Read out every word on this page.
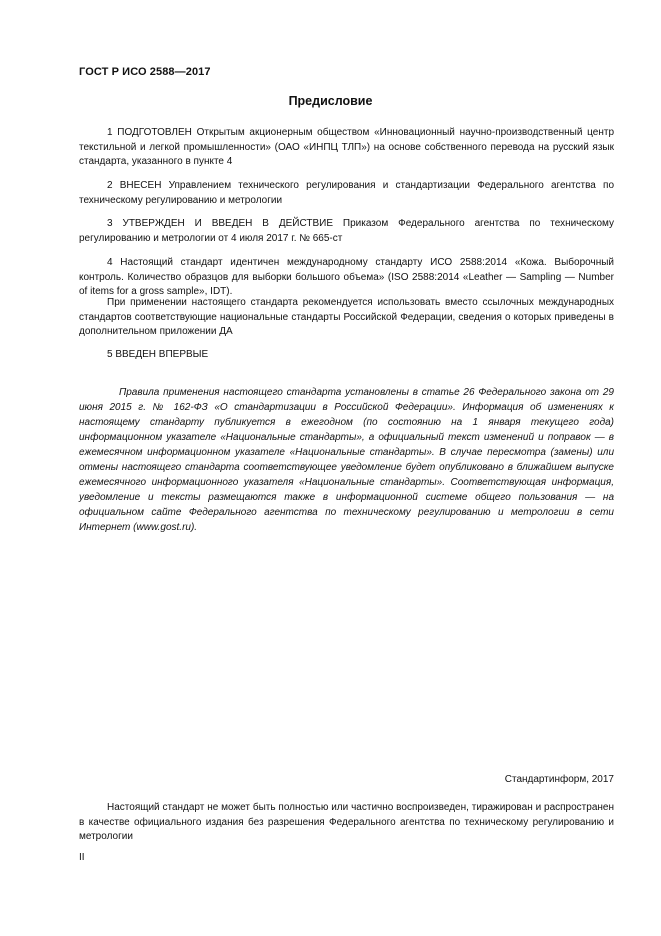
ГОСТ Р ИСО 2588—2017
Предисловие

1 ПОДГОТОВЛЕН Открытым акционерным обществом «Инновационный научно-производственный центр текстильной и легкой промышленности» (ОАО «ИНПЦ ТЛП») на основе собственного перевода на русский язык стандарта, указанного в пункте 4

2 ВНЕСЕН Управлением технического регулирования и стандартизации Федерального агентства по техническому регулированию и метрологии

3 УТВЕРЖДЕН И ВВЕДЕН В ДЕЙСТВИЕ Приказом Федерального агентства по техническому регулированию и метрологии от 4 июля 2017 г. № 665-ст

4 Настоящий стандарт идентичен международному стандарту ИСО 2588:2014 «Кожа. Выборочный контроль. Количество образцов для выборки большого объема» (ISO 2588:2014 «Leather — Sampling — Number of items for a gross sample», IDT).

При применении настоящего стандарта рекомендуется использовать вместо ссылочных международных стандартов соответствующие национальные стандарты Российской Федерации, сведения о которых приведены в дополнительном приложении ДА

5 ВВЕДЕН ВПЕРВЫЕ

Правила применения настоящего стандарта установлены в статье 26 Федерального закона от 29 июня 2015 г. № 162-ФЗ «О стандартизации в Российской Федерации». Информация об изменениях к настоящему стандарту публикуется в ежегодном (по состоянию на 1 января текущего года) информационном указателе «Национальные стандарты», а официальный текст изменений и поправок — в ежемесячном информационном указателе «Национальные стандарты». В случае пересмотра (замены) или отмены настоящего стандарта соответствующее уведомление будет опубликовано в ближайшем выпуске ежемесячного информационного указателя «Национальные стандарты». Соответствующая информация, уведомление и тексты размещаются также в информационной системе общего пользования — на официальном сайте Федерального агентства по техническому регулированию и метрологии в сети Интернет (www.gost.ru).

Стандартинформ, 2017

Настоящий стандарт не может быть полностью или частично воспроизведен, тиражирован и распространен в качестве официального издания без разрешения Федерального агентства по техническому регулированию и метрологии

II
